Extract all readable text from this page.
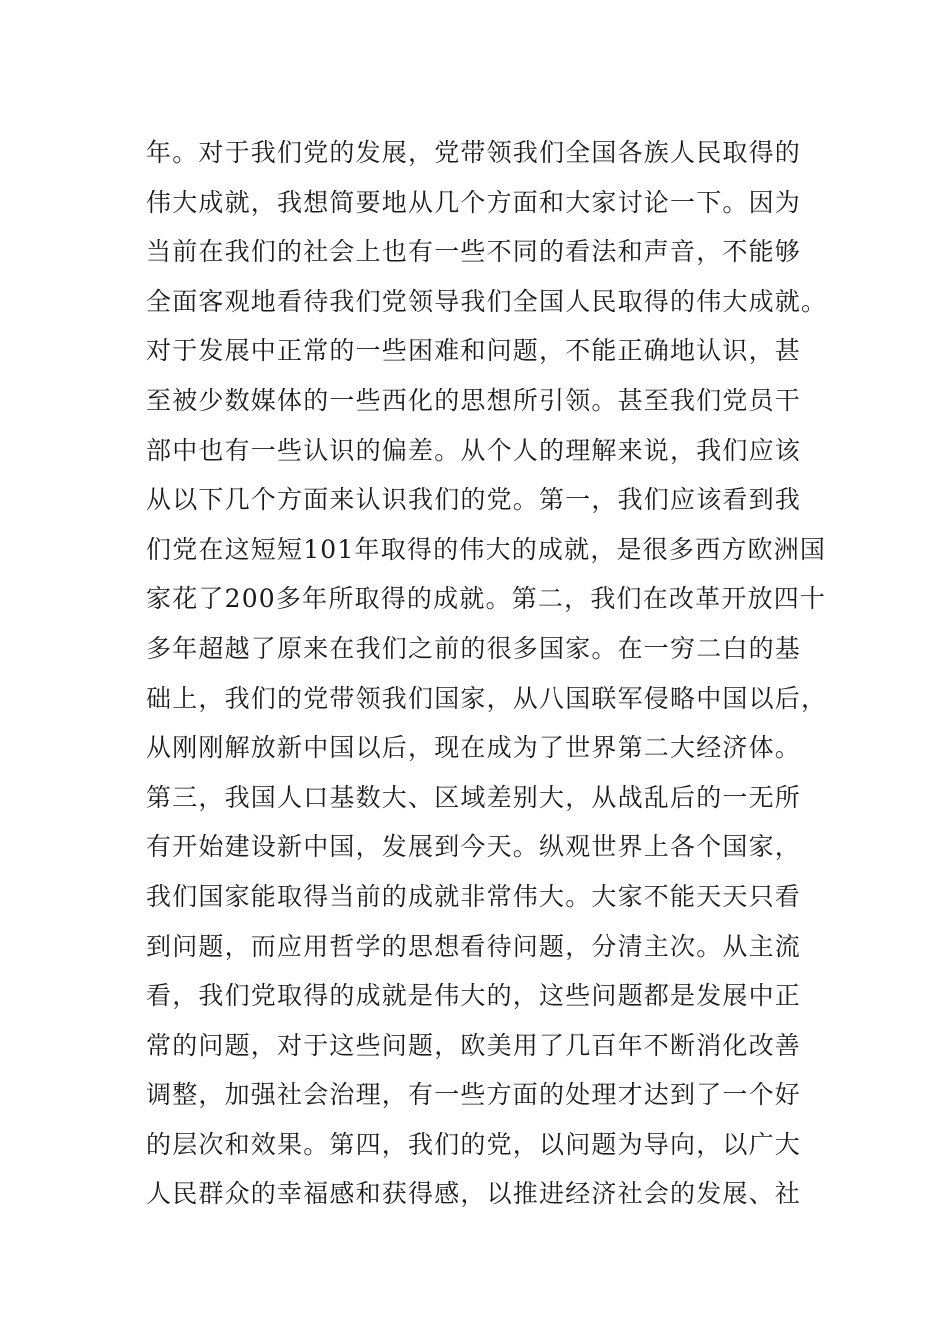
年。对于我们党的发展，党带领我们全国各族人民取得的
伟大成就，我想简要地从几个方面和大家讨论一下。因为
当前在我们的社会上也有一些不同的看法和声音，不能够
全面客观地看待我们党领导我们全国人民取得的伟大成就。
对于发展中正常的一些困难和问题，不能正确地认识，甚
至被少数媒体的一些西化的思想所引领。甚至我们党员干
部中也有一些认识的偏差。从个人的理解来说，我们应该
从以下几个方面来认识我们的党。第一，我们应该看到我
们党在这短短101年取得的伟大的成就，是很多西方欧洲国
家花了200多年所取得的成就。第二，我们在改革开放四十
多年超越了原来在我们之前的很多国家。在一穷二白的基
础上，我们的党带领我们国家，从八国联军侵略中国以后，
从刚刚解放新中国以后，现在成为了世界第二大经济体。
第三，我国人口基数大、区域差别大，从战乱后的一无所
有开始建设新中国，发展到今天。纵观世界上各个国家，
我们国家能取得当前的成就非常伟大。大家不能天天只看
到问题，而应用哲学的思想看待问题，分清主次。从主流
看，我们党取得的成就是伟大的，这些问题都是发展中正
常的问题，对于这些问题，欧美用了几百年不断消化改善
调整，加强社会治理，有一些方面的处理才达到了一个好
的层次和效果。第四，我们的党，以问题为导向，以广大
人民群众的幸福感和获得感，以推进经济社会的发展、社
